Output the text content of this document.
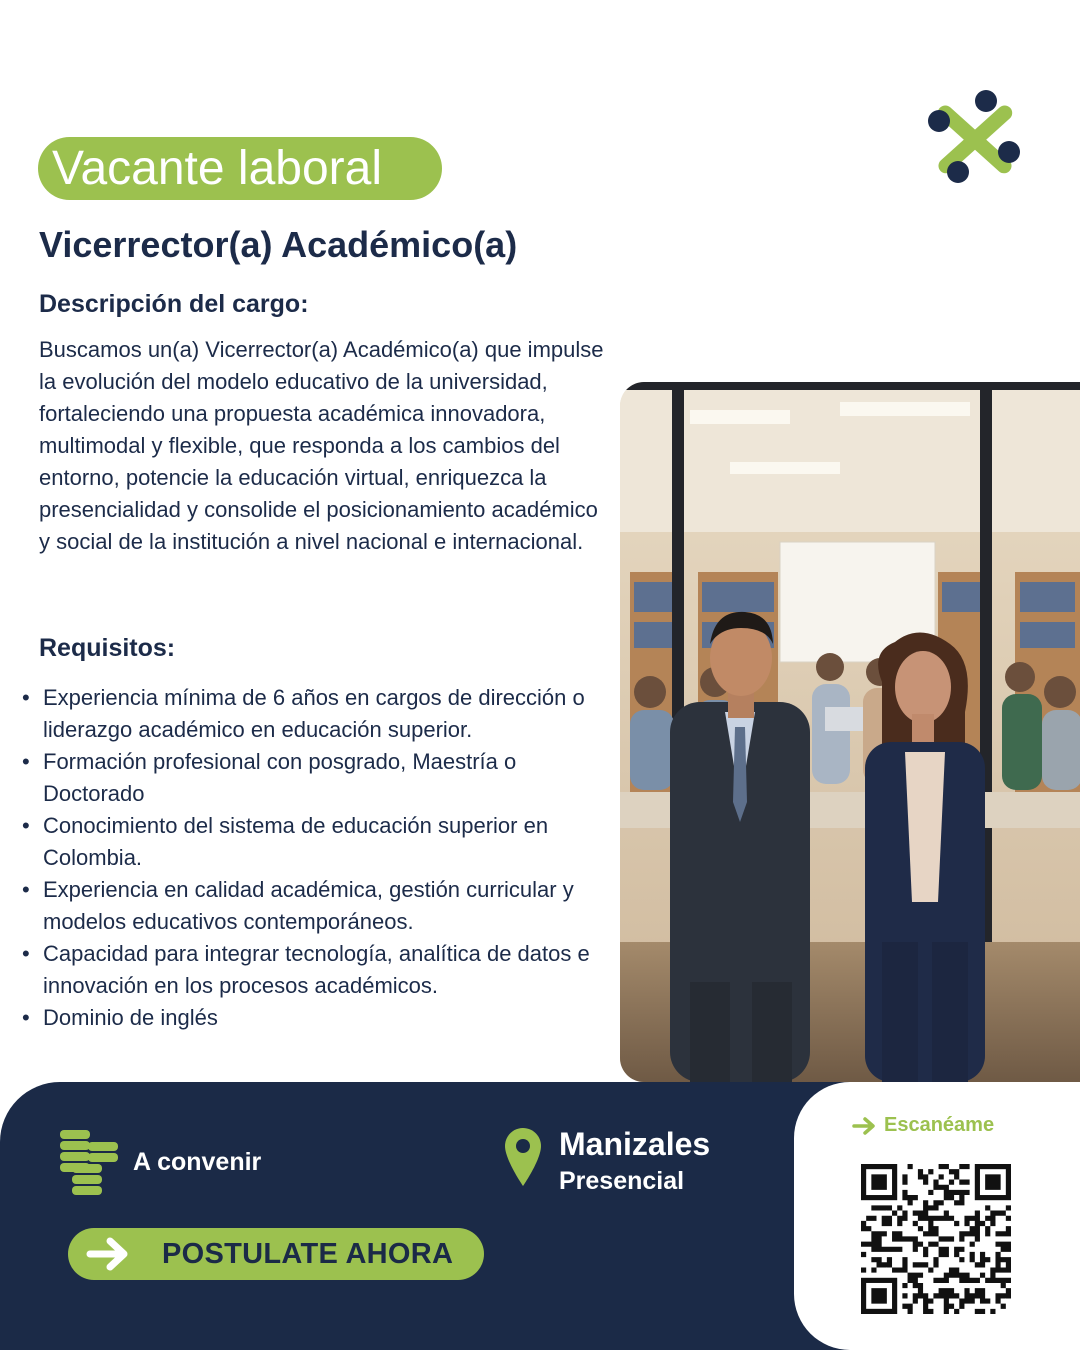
Vacante laboral
Vicerrector(a) Académico(a)
Descripción del cargo:

Buscamos un(a) Vicerrector(a) Académico(a) que impulse la evolución del modelo educativo de la universidad, fortaleciendo una propuesta académica innovadora, multimodal y flexible, que responda a los cambios del entorno, potencie la educación virtual, enriquezca la presencialidad y consolide el posicionamiento académico y social de la institución a nivel nacional e internacional.

Requisitos:
• Experiencia mínima de 6 años en cargos de dirección o liderazgo académico en educación superior.
• Formación profesional con posgrado, Maestría o Doctorado
• Conocimiento del sistema de educación superior en Colombia.
• Experiencia en calidad académica, gestión curricular y modelos educativos contemporáneos.
• Capacidad para integrar tecnología, analítica de datos e innovación en los procesos académicos.
• Dominio de inglés
A convenir	Manizales
Presencial
POSTULATE AHORA
Escanéame
